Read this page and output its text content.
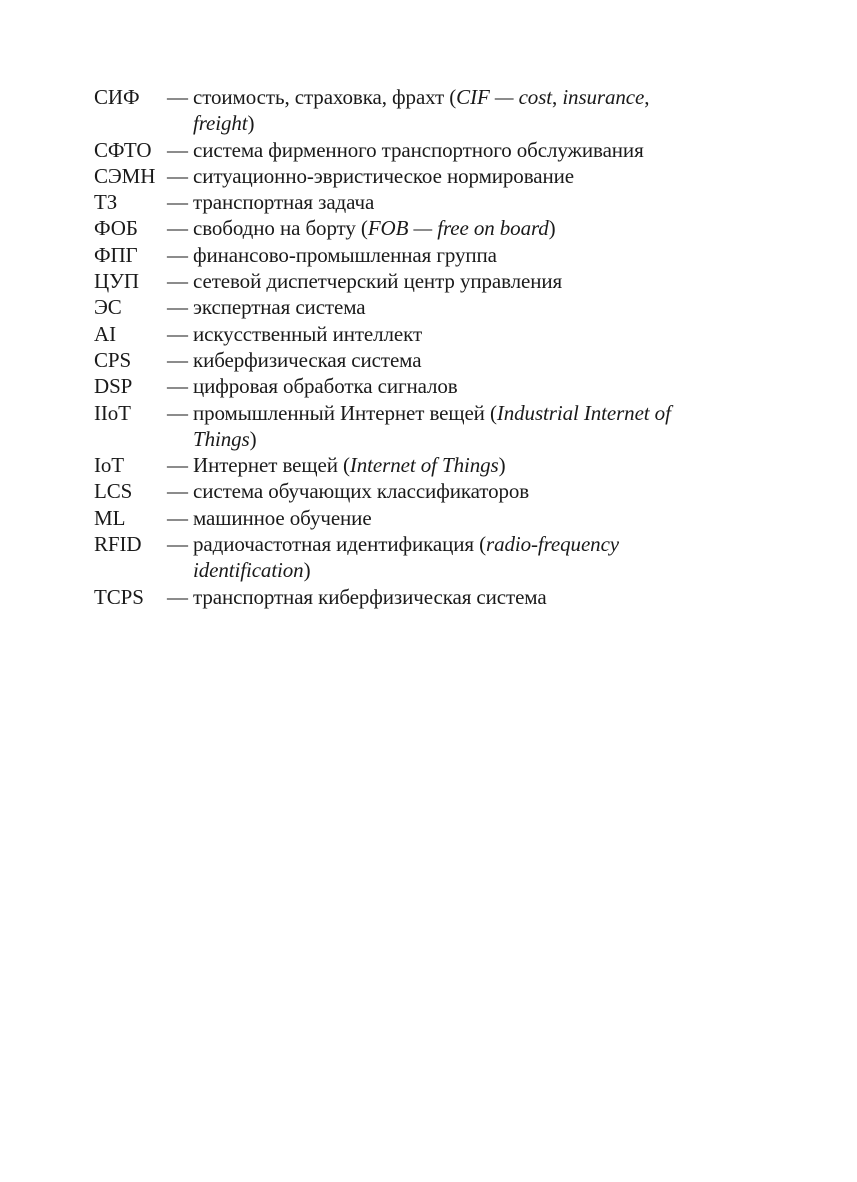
СИФ	— стоимость, страховка, фрахт (CIF — cost, insurance, freight)
СФТО — система фирменного транспортного обслуживания
СЭМН — ситуационно-эвристическое нормирование
ТЗ	— транспортная задача
ФОБ	— свободно на борту (FOB — free on board)
ФПГ	— финансово-промышленная группа
ЦУП	— сетевой диспетчерский центр управления
ЭС	— экспертная система
AI	— искусственный интеллект
CPS	— киберфизическая система
DSP	— цифровая обработка сигналов
IIoT	— промышленный Интернет вещей (Industrial Internet of Things)
IoT	— Интернет вещей (Internet of Things)
LCS	— система обучающих классификаторов
ML	— машинное обучение
RFID	— радиочастотная идентификация (radio-frequency identification)
TCPS	— транспортная киберфизическая система
